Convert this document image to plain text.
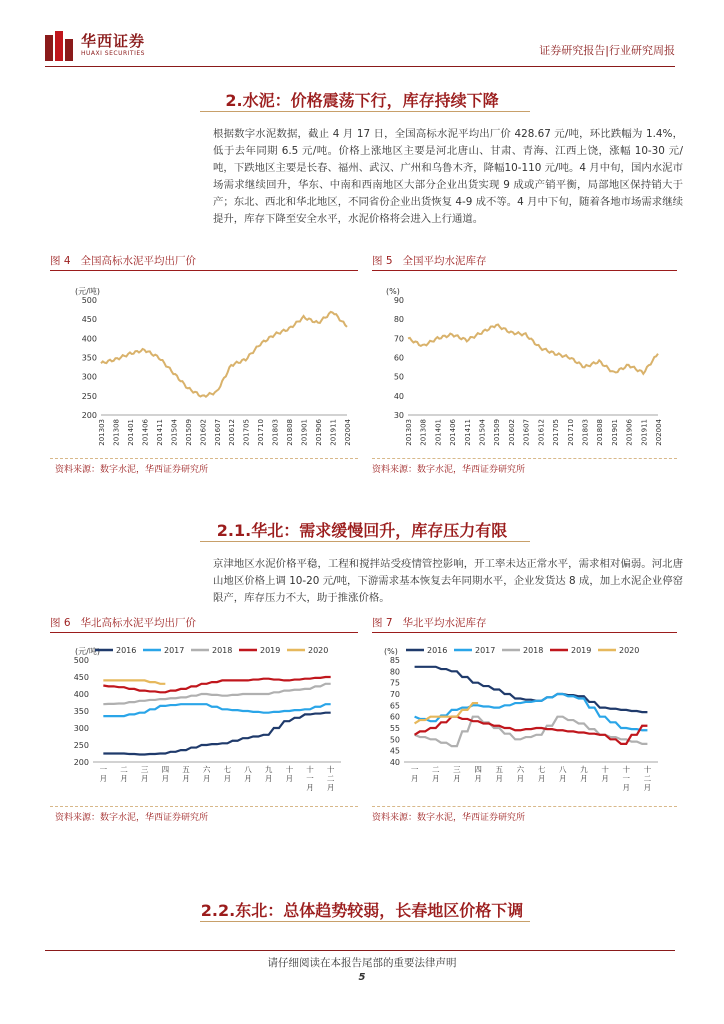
华西证券
HUAXI SECURITIES	证券研究报告|行业研究周报
2.水泥：价格震荡下行，库存持续下降
根据数字水泥数据，截止 4 月 17 日，全国高标水泥平均出厂价 428.67 元/吨，环比跌幅为 1.4%，低于去年同期 6.5 元/吨。价格上涨地区主要是河北唐山、甘肃、青海、江西上饶，涨幅 10-30 元/吨，下跌地区主要是长春、福州、武汉、广州和乌鲁木齐，降幅10-110 元/吨。4 月中旬，国内水泥市场需求继续回升，华东、中南和西南地区大部分企业出货实现 9 成或产销平衡，局部地区保持销大于产；东北、西北和华北地区，不同省份企业出货恢复 4-9 成不等。4 月中下旬，随着各地市场需求继续提升，库存下降至安全水平，水泥价格将会进入上行通道。
图 4 全国高标水泥平均出厂价	图 5 全国平均水泥库存
(元/吨)
200
250
300
350
400
450
500
201303 201308 201401 201406 201411 201504 201509 201602 201607 201612 201705 201710 201803 201808 201901 201906 201911 202004
(%)
30
40
50
60
70
80
90
201303 201308 201401 201406 201411 201504 201509 201602 201607 201612 201705 201710 201803 201808 201901 201906 201911 202004
资料来源：数字水泥，华西证券研究所	资料来源：数字水泥，华西证券研究所
2.1.华北：需求缓慢回升，库存压力有限
京津地区水泥价格平稳，工程和搅拌站受疫情管控影响，开工率未达正常水平，需求相对偏弱。河北唐山地区价格上调 10-20 元/吨，下游需求基本恢复去年同期水平，企业发货达 8 成，加上水泥企业停窑限产，库存压力不大，助于推涨价格。
图 6 华北高标水泥平均出厂价	图 7 华北平均水泥库存
(元/吨)
200
250
300
350
400
450
500
2016	2017	2018	2019	2020
一月
二月
三月
四月
五月
六月
七月
八月
九月
十月
十一月
十二月
(%)
40
45
50
55
60
65
70
75
80
85
2016	2017	2018	2019	2020
一月
二月
三月
四月
五月
六月
七月
八月
九月
十月
十一月
十二月
资料来源：数字水泥，华西证券研究所	资料来源：数字水泥，华西证券研究所
2.2.东北：总体趋势较弱，长春地区价格下调
请仔细阅读在本报告尾部的重要法律声明
5
